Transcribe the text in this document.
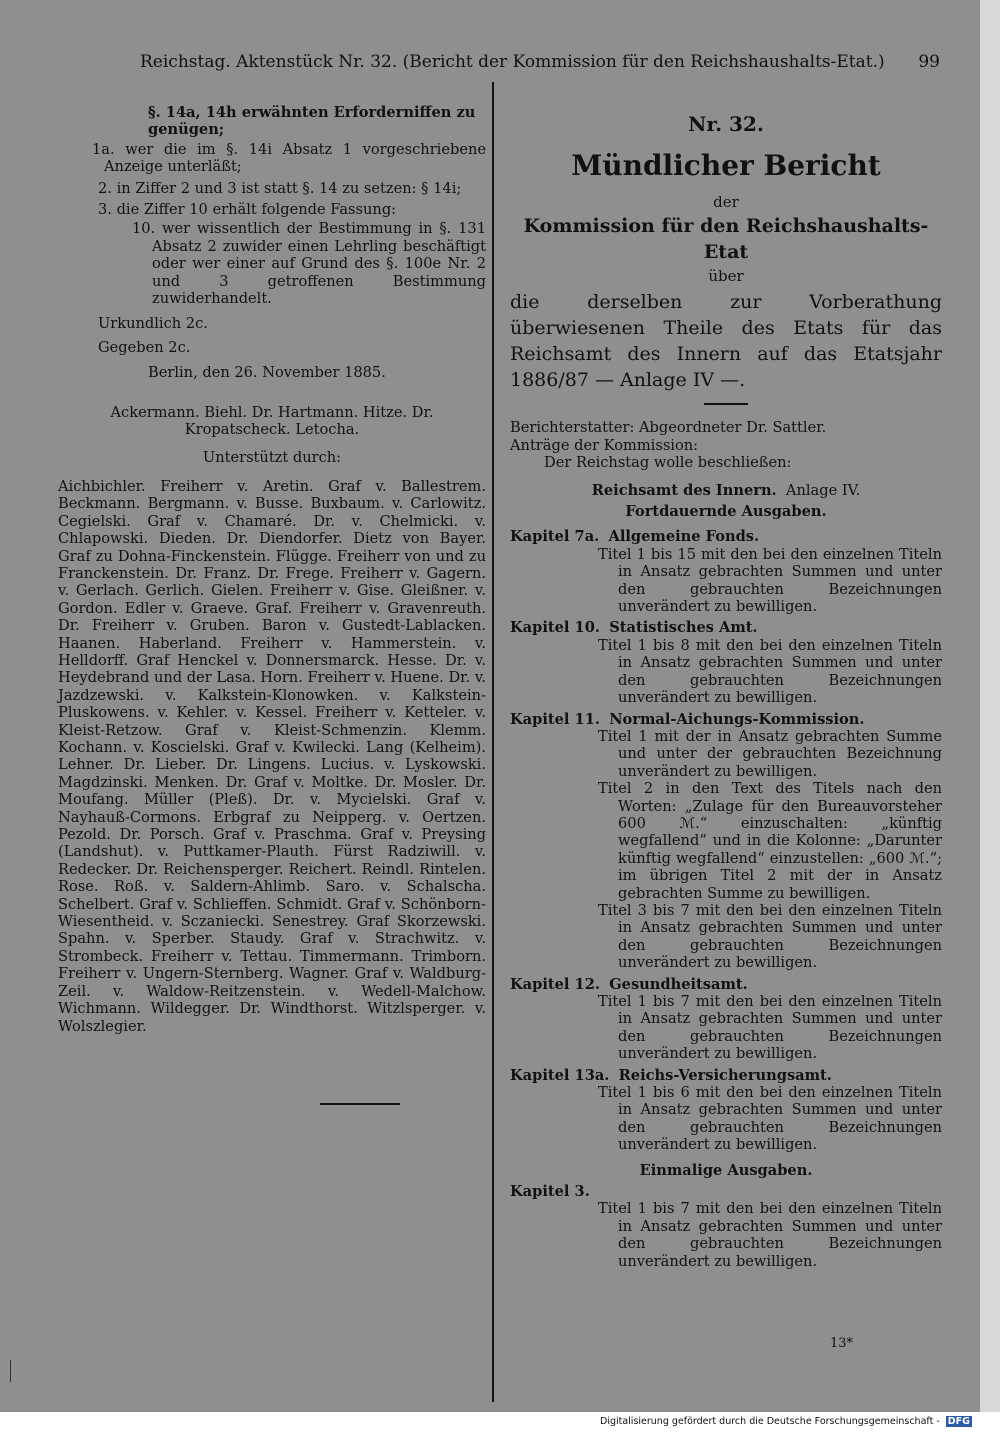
Reichstag. Aktenstück Nr. 32. (Bericht der Kommission für den Reichshaushalts-Etat.) 99

§. 14a, 14h erwähnten Erforderniffen zu genügen;

1a. wer die im §. 14i Absatz 1 vorgeschriebene Anzeige unterläßt;

2. in Ziffer 2 und 3 ist statt §. 14 zu setzen: § 14i;

3. die Ziffer 10 erhält folgende Fassung:

10. wer wissentlich der Bestimmung in §. 131 Absatz 2 zuwider einen Lehrling beschäftigt oder wer einer auf Grund des §. 100e Nr. 2 und 3 getroffenen Bestimmung zuwiderhandelt.

Urkundlich 2c.

Gegeben 2c.

Berlin, den 26. November 1885.

Ackermann. Biehl. Dr. Hartmann. Hitze. Dr. Kropatscheck. Letocha.

Unterstützt durch:

Aichbichler. Freiherr v. Aretin. Graf v. Ballestrem. Beckmann. Bergmann. v. Busse. Buxbaum. v. Carlowitz. Cegielski. Graf v. Chamaré. Dr. v. Chelmicki. v. Chlapowski. Dieden. Dr. Diendorfer. Dietz von Bayer. Graf zu Dohna-Finckenstein. Flügge. Freiherr von und zu Franckenstein. Dr. Franz. Dr. Frege. Freiherr v. Gagern. v. Gerlach. Gerlich. Gielen. Freiherr v. Gise. Gleißner. v. Gordon. Edler v. Graeve. Graf. Freiherr v. Gravenreuth. Dr. Freiherr v. Gruben. Baron v. Gustedt-Lablacken. Haanen. Haberland. Freiherr v. Hammerstein. v. Helldorff. Graf Henckel v. Donnersmarck. Hesse. Dr. v. Heydebrand und der Lasa. Horn. Freiherr v. Huene. Dr. v. Jazdzewski. v. Kalkstein-Klonowken. v. Kalkstein-Pluskowens. v. Kehler. v. Kessel. Freiherr v. Ketteler. v. Kleist-Retzow. Graf v. Kleist-Schmenzin. Klemm. Kochann. v. Koscielski. Graf v. Kwilecki. Lang (Kelheim). Lehner. Dr. Lieber. Dr. Lingens. Lucius. v. Lyskowski. Magdzinski. Menken. Dr. Graf v. Moltke. Dr. Mosler. Dr. Moufang. Müller (Pleß). Dr. v. Mycielski. Graf v. Nayhauß-Cormons. Erbgraf zu Neipperg. v. Oertzen. Pezold. Dr. Porsch. Graf v. Praschma. Graf v. Preysing (Landshut). v. Puttkamer-Plauth. Fürst Radziwill. v. Redecker. Dr. Reichensperger. Reichert. Reindl. Rintelen. Rose. Roß. v. Saldern-Ahlimb. Saro. v. Schalscha. Schelbert. Graf v. Schlieffen. Schmidt. Graf v. Schönborn-Wiesentheid. v. Sczaniecki. Senestrey. Graf Skorzewski. Spahn. v. Sperber. Staudy. Graf v. Strachwitz. v. Strombeck. Freiherr v. Tettau. Timmermann. Trimborn. Freiherr v. Ungern-Sternberg. Wagner. Graf v. Waldburg-Zeil. v. Waldow-Reitzenstein. v. Wedell-Malchow. Wichmann. Wildegger. Dr. Windthorst. Witzlsperger. v. Wolszlegier.

Nr. 32.

Mündlicher Bericht

der

Kommission für den Reichshaushalts-Etat

über

die derselben zur Vorberathung überwiesenen Theile des Etats für das Reichsamt des Innern auf das Etatsjahr 1886/87 — Anlage IV —.

Berichterstatter: Abgeordneter Dr. Sattler.

Anträge der Kommission:

Der Reichstag wolle beschließen:

Reichsamt des Innern. Anlage IV.

Fortdauernde Ausgaben.

Kapitel 7a. Allgemeine Fonds.

Titel 1 bis 15 mit den bei den einzelnen Titeln in Ansatz gebrachten Summen und unter den gebrauchten Bezeichnungen unverändert zu bewilligen.

Kapitel 10. Statistisches Amt.

Titel 1 bis 8 mit den bei den einzelnen Titeln in Ansatz gebrachten Summen und unter den gebrauchten Bezeichnungen unverändert zu bewilligen.

Kapitel 11. Normal-Aichungs-Kommission.

Titel 1 mit der in Ansatz gebrachten Summe und unter der gebrauchten Bezeichnung unverändert zu bewilligen.

Titel 2 in den Text des Titels nach den Worten: „Zulage für den Bureauvorsteher 600 ℳ.“ einzuschalten: „künftig wegfallend“ und in die Kolonne: „Darunter künftig wegfallend“ einzustellen: „600 ℳ.“; im übrigen Titel 2 mit der in Ansatz gebrachten Summe zu bewilligen.

Titel 3 bis 7 mit den bei den einzelnen Titeln in Ansatz gebrachten Summen und unter den gebrauchten Bezeichnungen unverändert zu bewilligen.

Kapitel 12. Gesundheitsamt.

Titel 1 bis 7 mit den bei den einzelnen Titeln in Ansatz gebrachten Summen und unter den gebrauchten Bezeichnungen unverändert zu bewilligen.

Kapitel 13a. Reichs-Versicherungsamt.

Titel 1 bis 6 mit den bei den einzelnen Titeln in Ansatz gebrachten Summen und unter den gebrauchten Bezeichnungen unverändert zu bewilligen.

Einmalige Ausgaben.

Kapitel 3.

Titel 1 bis 7 mit den bei den einzelnen Titeln in Ansatz gebrachten Summen und unter den gebrauchten Bezeichnungen unverändert zu bewilligen.

13*
Digitalisierung gefördert durch die Deutsche Forschungsgemeinschaft - DFG
